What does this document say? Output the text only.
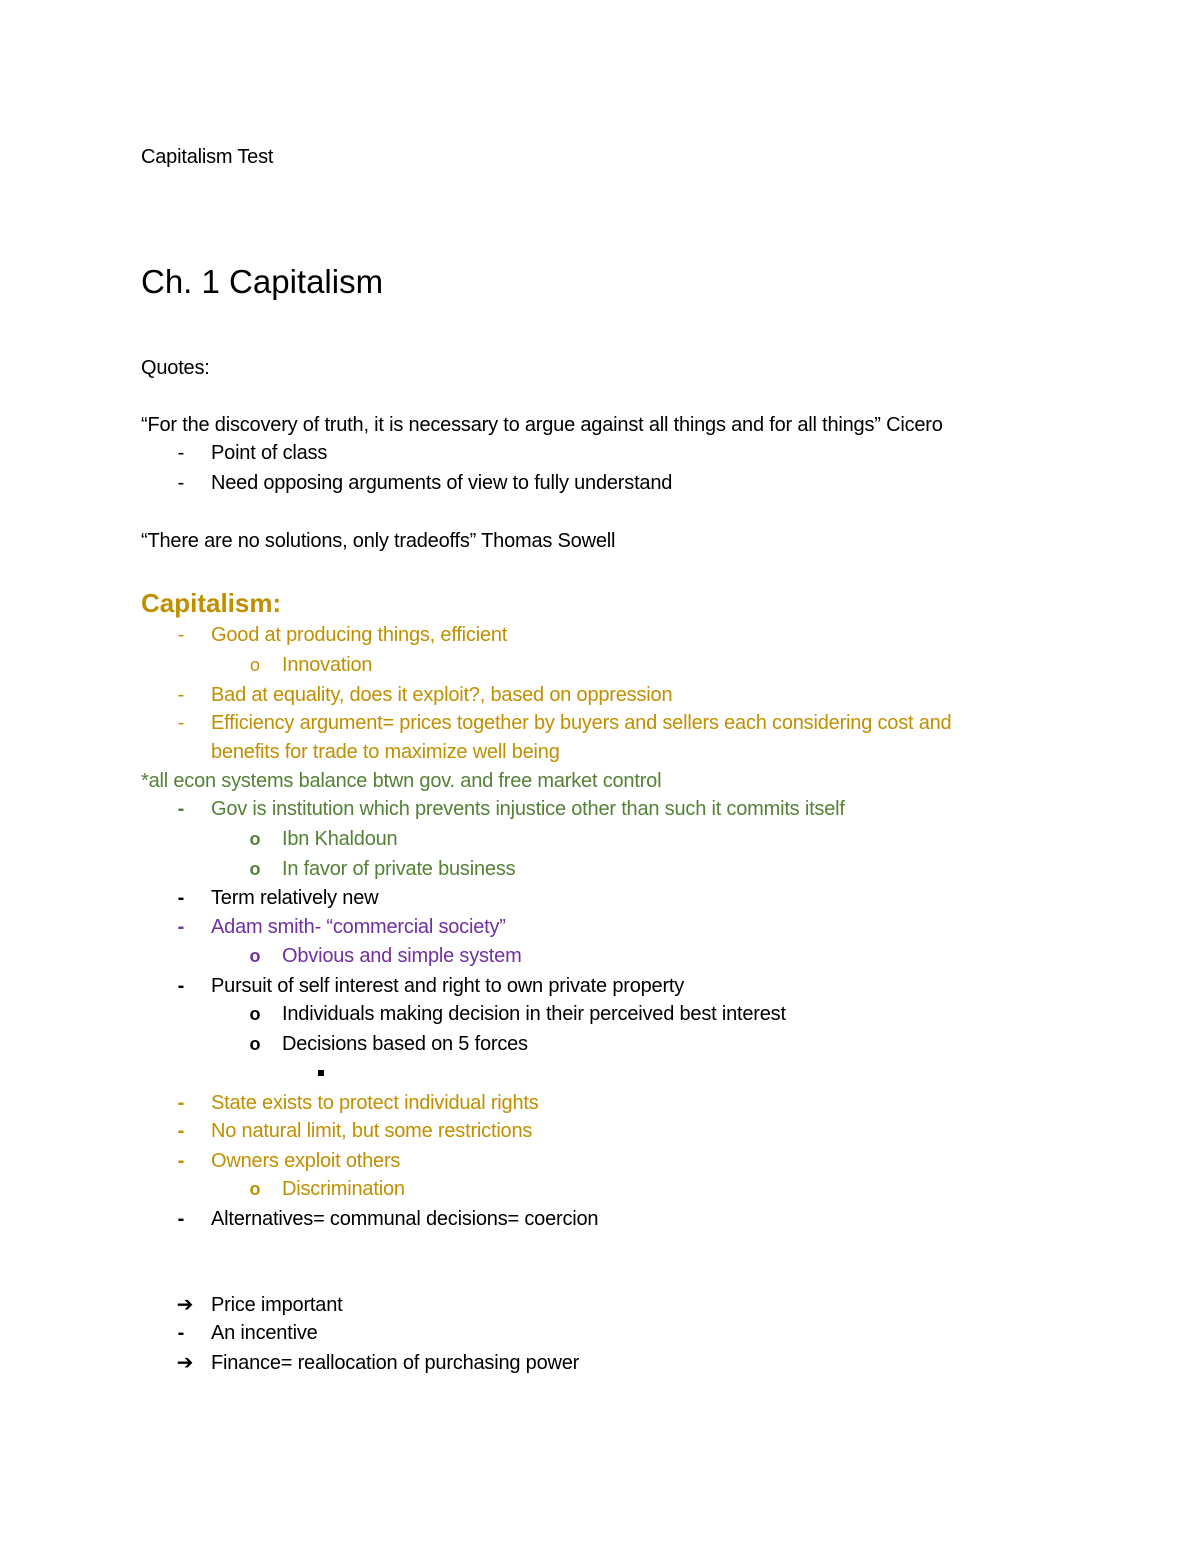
Capitalism Test
Ch. 1 Capitalism
Quotes:
“For the discovery of truth, it is necessary to argue against all things and for all things” Cicero
-
Point of class
-
Need opposing arguments of view to fully understand
“There are no solutions, only tradeoffs” Thomas Sowell
Capitalism:
-
Good at producing things, efficient
o
Innovation
-
Bad at equality, does it exploit?, based on oppression
-
Efficiency argument= prices together by buyers and sellers each considering cost and
benefits for trade to maximize well being
*all econ systems balance btwn gov. and free market control
-
Gov is institution which prevents injustice other than such it commits itself
o
Ibn Khaldoun
o
In favor of private business
-
Term relatively new
-
Adam smith- “commercial society”
o
Obvious and simple system
-
Pursuit of self interest and right to own private property
o
Individuals making decision in their perceived best interest
o
Decisions based on 5 forces
-
State exists to protect individual rights
-
No natural limit, but some restrictions
-
Owners exploit others
o
Discrimination
-
Alternatives= communal decisions= coercion
➔
Price important
-
An incentive
➔
Finance= reallocation of purchasing power
